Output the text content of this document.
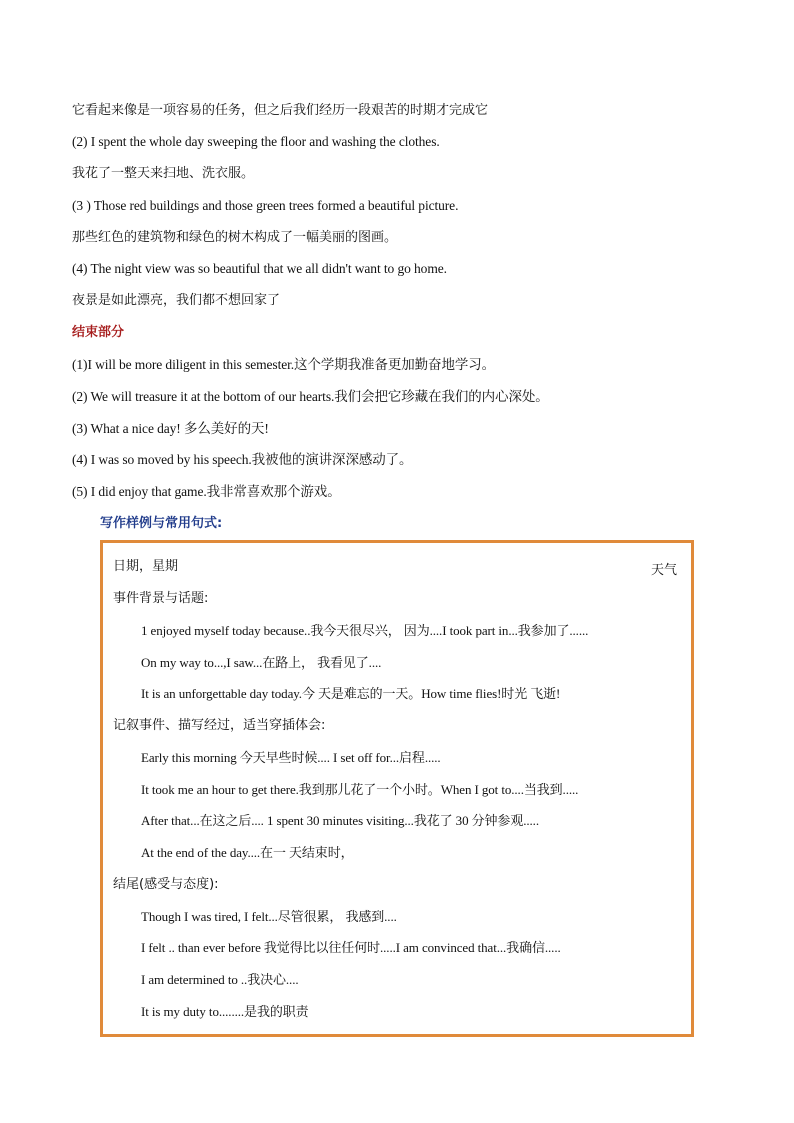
它看起来像是一项容易的任务，但之后我们经历一段艰苦的时期才完成它
(2) I spent the whole day sweeping the floor and washing the clothes.
我花了一整天来扫地、洗衣服。
(3 ) Those red buildings and those green trees formed a beautiful picture.
那些红色的建筑物和绿色的树木构成了一幅美丽的图画。
(4) The night view was so beautiful that we all didn't want to go home.
夜景是如此漂亮，我们都不想回家了
结束部分
(1)I will be more diligent in this semester.这个学期我准备更加勤奋地学习。
(2) We will treasure it at the bottom of our hearts.我们会把它珍藏在我们的内心深处。
(3) What a nice day! 多么美好的天!
(4) I was so moved by his speech.我被他的演讲深深感动了。
(5) I did enjoy that game.我非常喜欢那个游戏。
写作样例与常用句式:
日期，星期	天气
事件背景与话题:
1 enjoyed myself today because..我今天很尽兴， 因为....I took part in...我参加了......
On my way to...,I saw...在路上， 我看见了....
It is an unforgettable day today.今 天是难忘的一天。How time flies!时光 飞逝!
记叙事件、描写经过，适当穿插体会:
Early this morning 今天早些时候.... I set off for...启程.....
It took me an hour to get there.我到那儿花了一个小时。When I got to....当我到.....
After that...在这之后.... 1 spent 30 minutes visiting...我花了 30 分钟参观.....
At the end of the day....在一 天结束时，
结尾(感受与态度):
Though I was tired, I felt...尽管很累， 我感到....
I felt .. than ever before 我觉得比以往任何时.....I am convinced that...我确信.....
I am determined to ..我决心....
It is my duty to........是我的职责
